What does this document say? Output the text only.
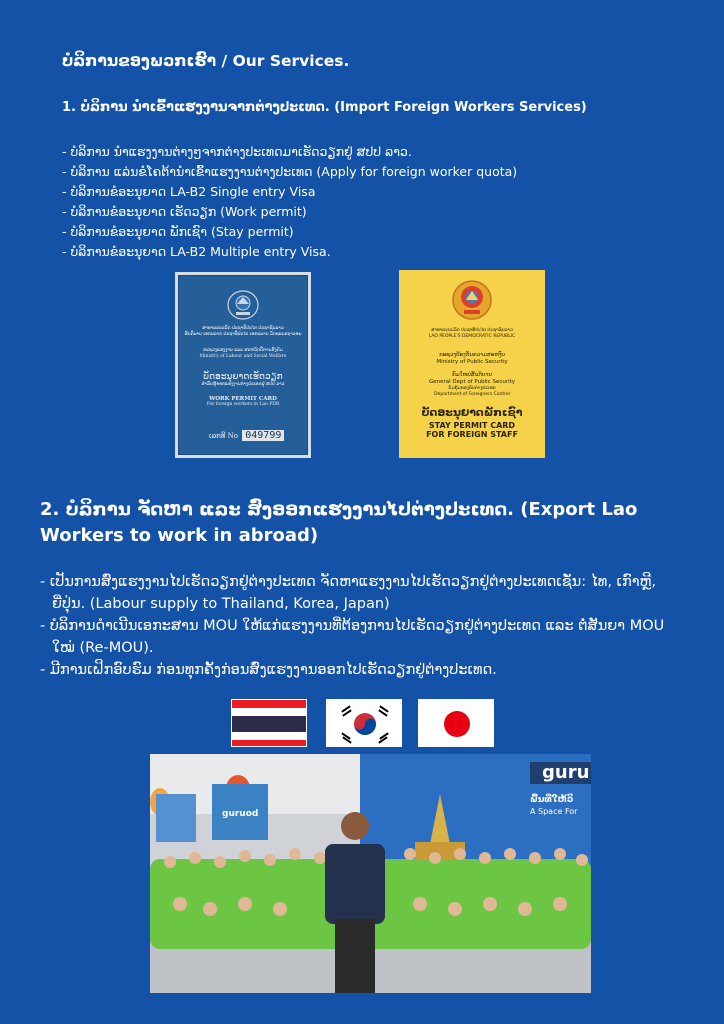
ບໍລິການຂອງພວກເຮົາ / Our Services.
1. ບໍລິການ ນຳເຂົ້າແຮງງານຈາກຕ່າງປະເທດ. (Import Foreign Workers Services)
- ບໍລິການ ນຳແຮງງານຕ່າງໆຈາກຕ່າງປະເທດມາເຮັດວຽກຢູ່ ສປປ ລາວ.
- ບໍລິການ ແລ່ນຂໍໂຄຕ້ານຳເຂົ້າແຮງງານຕ່າງປະເທດ (Apply for foreign worker quota)
- ບໍລິການຂໍອະນຸຍາດ LA-B2 Single entry Visa
- ບໍລິການຂໍອະນຸຍາດ ເຮັດວຽກ (Work permit)
- ບໍລິການຂໍອະນຸຍາດ ພັກເຊົາ (Stay permit)
- ບໍລິການຂໍອະນຸຍາດ LA-B2 Multiple entry Visa.
ສາທາລະນະລັດ ປະຊາທິປະໄຕ ປະຊາຊົນລາວ
ສັນຕິພາບ ເອກະລາດ ປະຊາທິປະໄຕ ເອກະພາບ ວັດທະນະຖາວອນ
ກະຊວງແຮງງານ ແລະ ສະຫວັດດີການສັງຄົມ
Ministry of Labour and Social Welfare
ບັດອະນຸຍາດເຮັດວຽກ
ສຳລັບຜູ້ອອກແຮງງານຕ່າງປະເທດຢູ່ ສປປ ລາວ
WORK PERMIT CARD
For foreign workers in Lao PDR
ເລກທີ No 049799
ສາທາລະນະລັດ ປະຊາທິປະໄຕ ປະຊາຊົນລາວ
LAO PEOPLE'S DEMOCRATIC REPUBLIC
ກະຊວງປ້ອງກັນຄວາມສະຫງົບ
Ministry of Public Security
ກົມໃຫຍ່ສັນຕິບານ
General Dept of Public Security
ກົມຄຸ້ມຄອງຄົນຕ່າງປະເທດ
Department of Foreigners Control
ບັດອະນຸຍາດພັກເຊົາ
STAY PERMIT CARD
FOR FOREIGN STAFF
2. ບໍລິການ ຈັດຫາ ແລະ ສົ່ງອອກແຮງງານໄປຕ່າງປະເທດ. (Export Lao Workers to work in abroad)
- ເປັນການສົ່ງແຮງງານໄປເຮັດວຽກຢູ່ຕ່າງປະເທດ ຈັດຫາແຮງງານໄປເຮັດວຽກຢູ່ຕ່າງປະເທດເຊັ່ນ: ໄທ, ເກົາຫຼີ, ຍີ່ປຸ່ນ. (Labour supply to Thailand, Korea, Japan)
- ບໍລິການດຳເນີນເອກະສານ MOU ໃຫ້ແກ່ແຮງງານທີ່ຕ້ອງການໄປເຮັດວຽກຢູ່ຕ່າງປະເທດ ແລະ ຕໍ່ສັນຍາ MOU ໃໝ່ (Re-MOU).
- ມີການເຝິກອົບຮົມ ກ່ອນທຸກຄັ້ງກ່ອນສົ່ງແຮງງານອອກໄປເຮັດວຽກຢູ່ຕ່າງປະເທດ.
guru
guruod	A Space For
ພື້ນທີ່ໃຫ້ວິ
